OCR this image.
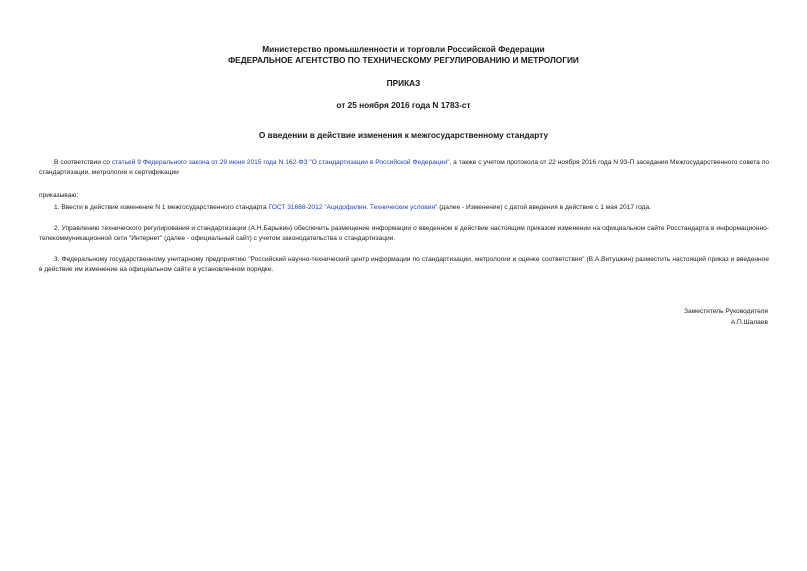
Министерство промышленности и торговли Российской Федерации
ФЕДЕРАЛЬНОЕ АГЕНТСТВО ПО ТЕХНИЧЕСКОМУ РЕГУЛИРОВАНИЮ И МЕТРОЛОГИИ
ПРИКАЗ
от 25 ноября 2016 года N 1783-ст
О введении в действие изменения к межгосударственному стандарту
В соответствии со статьей 9 Федерального закона от 29 июня 2015 года N 162-ФЗ "О стандартизации в Российской Федерации", а также с учетом протокола от 22 ноября 2016 года N 93-П заседания Межгосударственного совета по стандартизации, метрологии и сертификации
приказываю:
1. Ввести в действие изменение N 1 межгосударственного стандарта ГОСТ 31668-2012 "Ацидофилин. Технические условия" (далее - Изменение) с датой введения в действие с 1 мая 2017 года.
2. Управлению технического регулирования и стандартизации (А.Н.Барыкин) обеспечить размещение информации о введенном в действие настоящим приказом изменении на официальном сайте Росстандарта в информационно-телекоммуникационной сети "Интернет" (далее - официальный сайт) с учетом законодательства о стандартизации.
3. Федеральному государственному унитарному предприятию "Российский научно-технический центр информации по стандартизации, метрологии и оценке соответствия" (В.А.Витушкин) разместить настоящий приказ и введенное в действие им изменение на официальном сайте в установленном порядке.
Заместитель Руководителя
А.П.Шалаев
